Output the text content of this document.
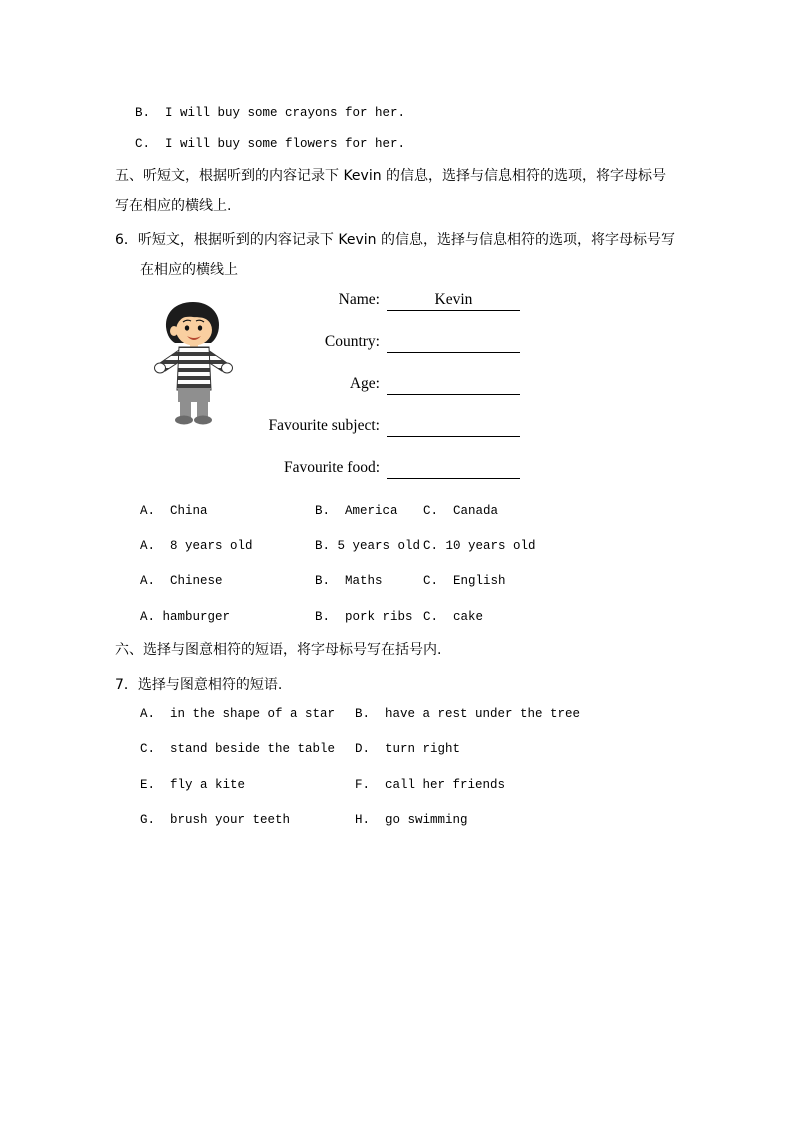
B.  I will buy some crayons for her.
C.  I will buy some flowers for her.
五、听短文，根据听到的内容记录下 Kevin 的信息，选择与信息相符的选项，将字母标号
写在相应的横线上.
6．听短文，根据听到的内容记录下 Kevin 的信息，选择与信息相符的选项，将字母标号写
在相应的横线上
Name:	Kevin
Country:
Age:
Favourite subject:
Favourite food:
A.  China	B.  America C.  Canada
A.  8 years old	B. 5 years old C. 10 years old
A.  Chinese	B.  Maths	C.  English
A. hamburger	B.  pork ribs C.  cake
六、选择与图意相符的短语，将字母标号写在括号内.
7．选择与图意相符的短语.
A.  in the shape of a star B.  have a rest under the tree
C.  stand beside the table D.  turn right
E.  fly a kite	F.  call her friends
G.  brush your teeth	H.  go swimming
